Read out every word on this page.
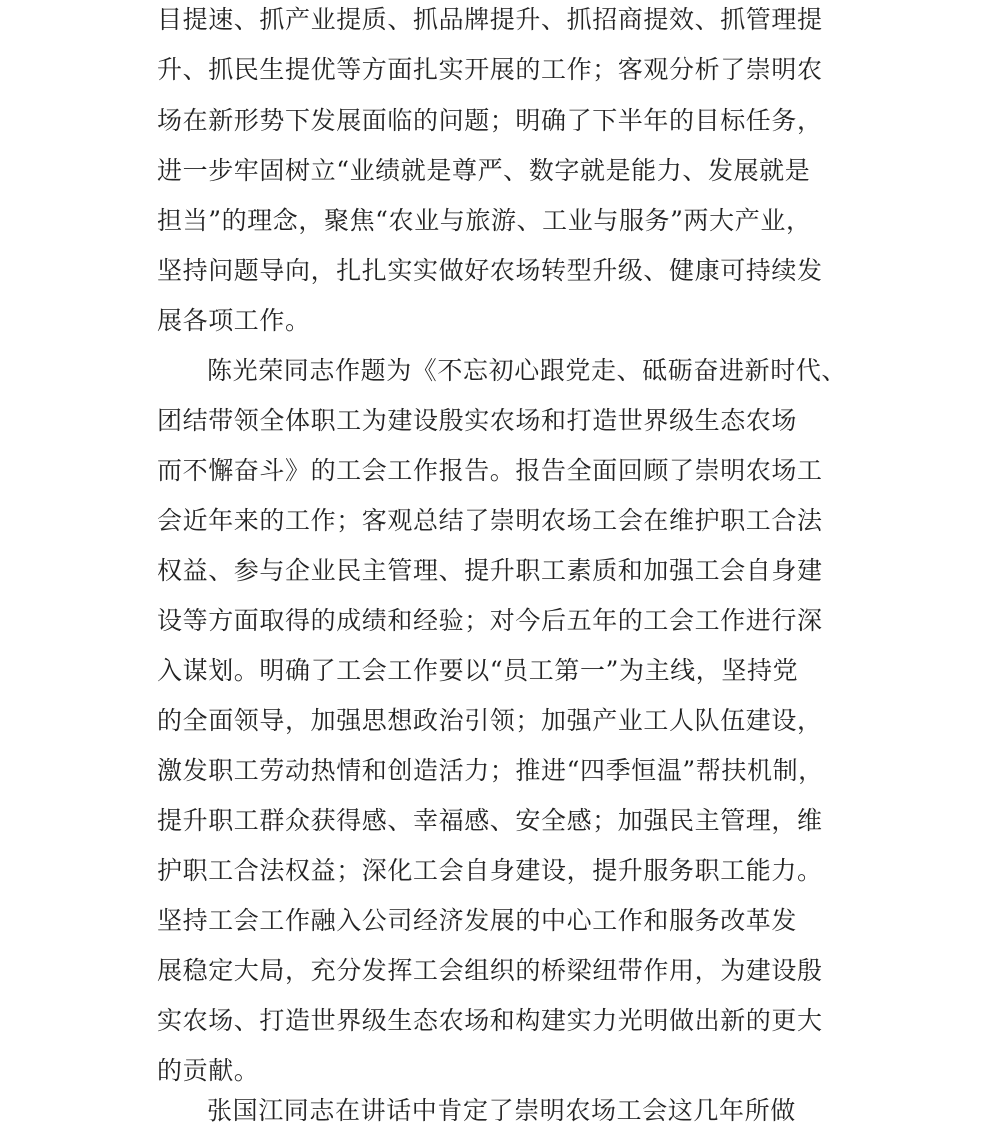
目提速、抓产业提质、抓品牌提升、抓招商提效、抓管理提
升、抓民生提优等方面扎实开展的工作；客观分析了崇明农
场在新形势下发展面临的问题；明确了下半年的目标任务，
进一步牢固树立“业绩就是尊严、数字就是能力、发展就是
担当”的理念，聚焦“农业与旅游、工业与服务”两大产业，
坚持问题导向，扎扎实实做好农场转型升级、健康可持续发
展各项工作。
陈光荣同志作题为《不忘初心跟党走、砥砺奋进新时代、
团结带领全体职工为建设殷实农场和打造世界级生态农场
而不懈奋斗》的工会工作报告。报告全面回顾了崇明农场工
会近年来的工作；客观总结了崇明农场工会在维护职工合法
权益、参与企业民主管理、提升职工素质和加强工会自身建
设等方面取得的成绩和经验；对今后五年的工会工作进行深
入谋划。明确了工会工作要以“员工第一”为主线，坚持党
的全面领导，加强思想政治引领；加强产业工人队伍建设，
激发职工劳动热情和创造活力；推进“四季恒温”帮扶机制，
提升职工群众获得感、幸福感、安全感；加强民主管理，维
护职工合法权益；深化工会自身建设，提升服务职工能力。
坚持工会工作融入公司经济发展的中心工作和服务改革发
展稳定大局，充分发挥工会组织的桥梁纽带作用，为建设殷
实农场、打造世界级生态农场和构建实力光明做出新的更大
的贡献。
张国江同志在讲话中肯定了崇明农场工会这几年所做
